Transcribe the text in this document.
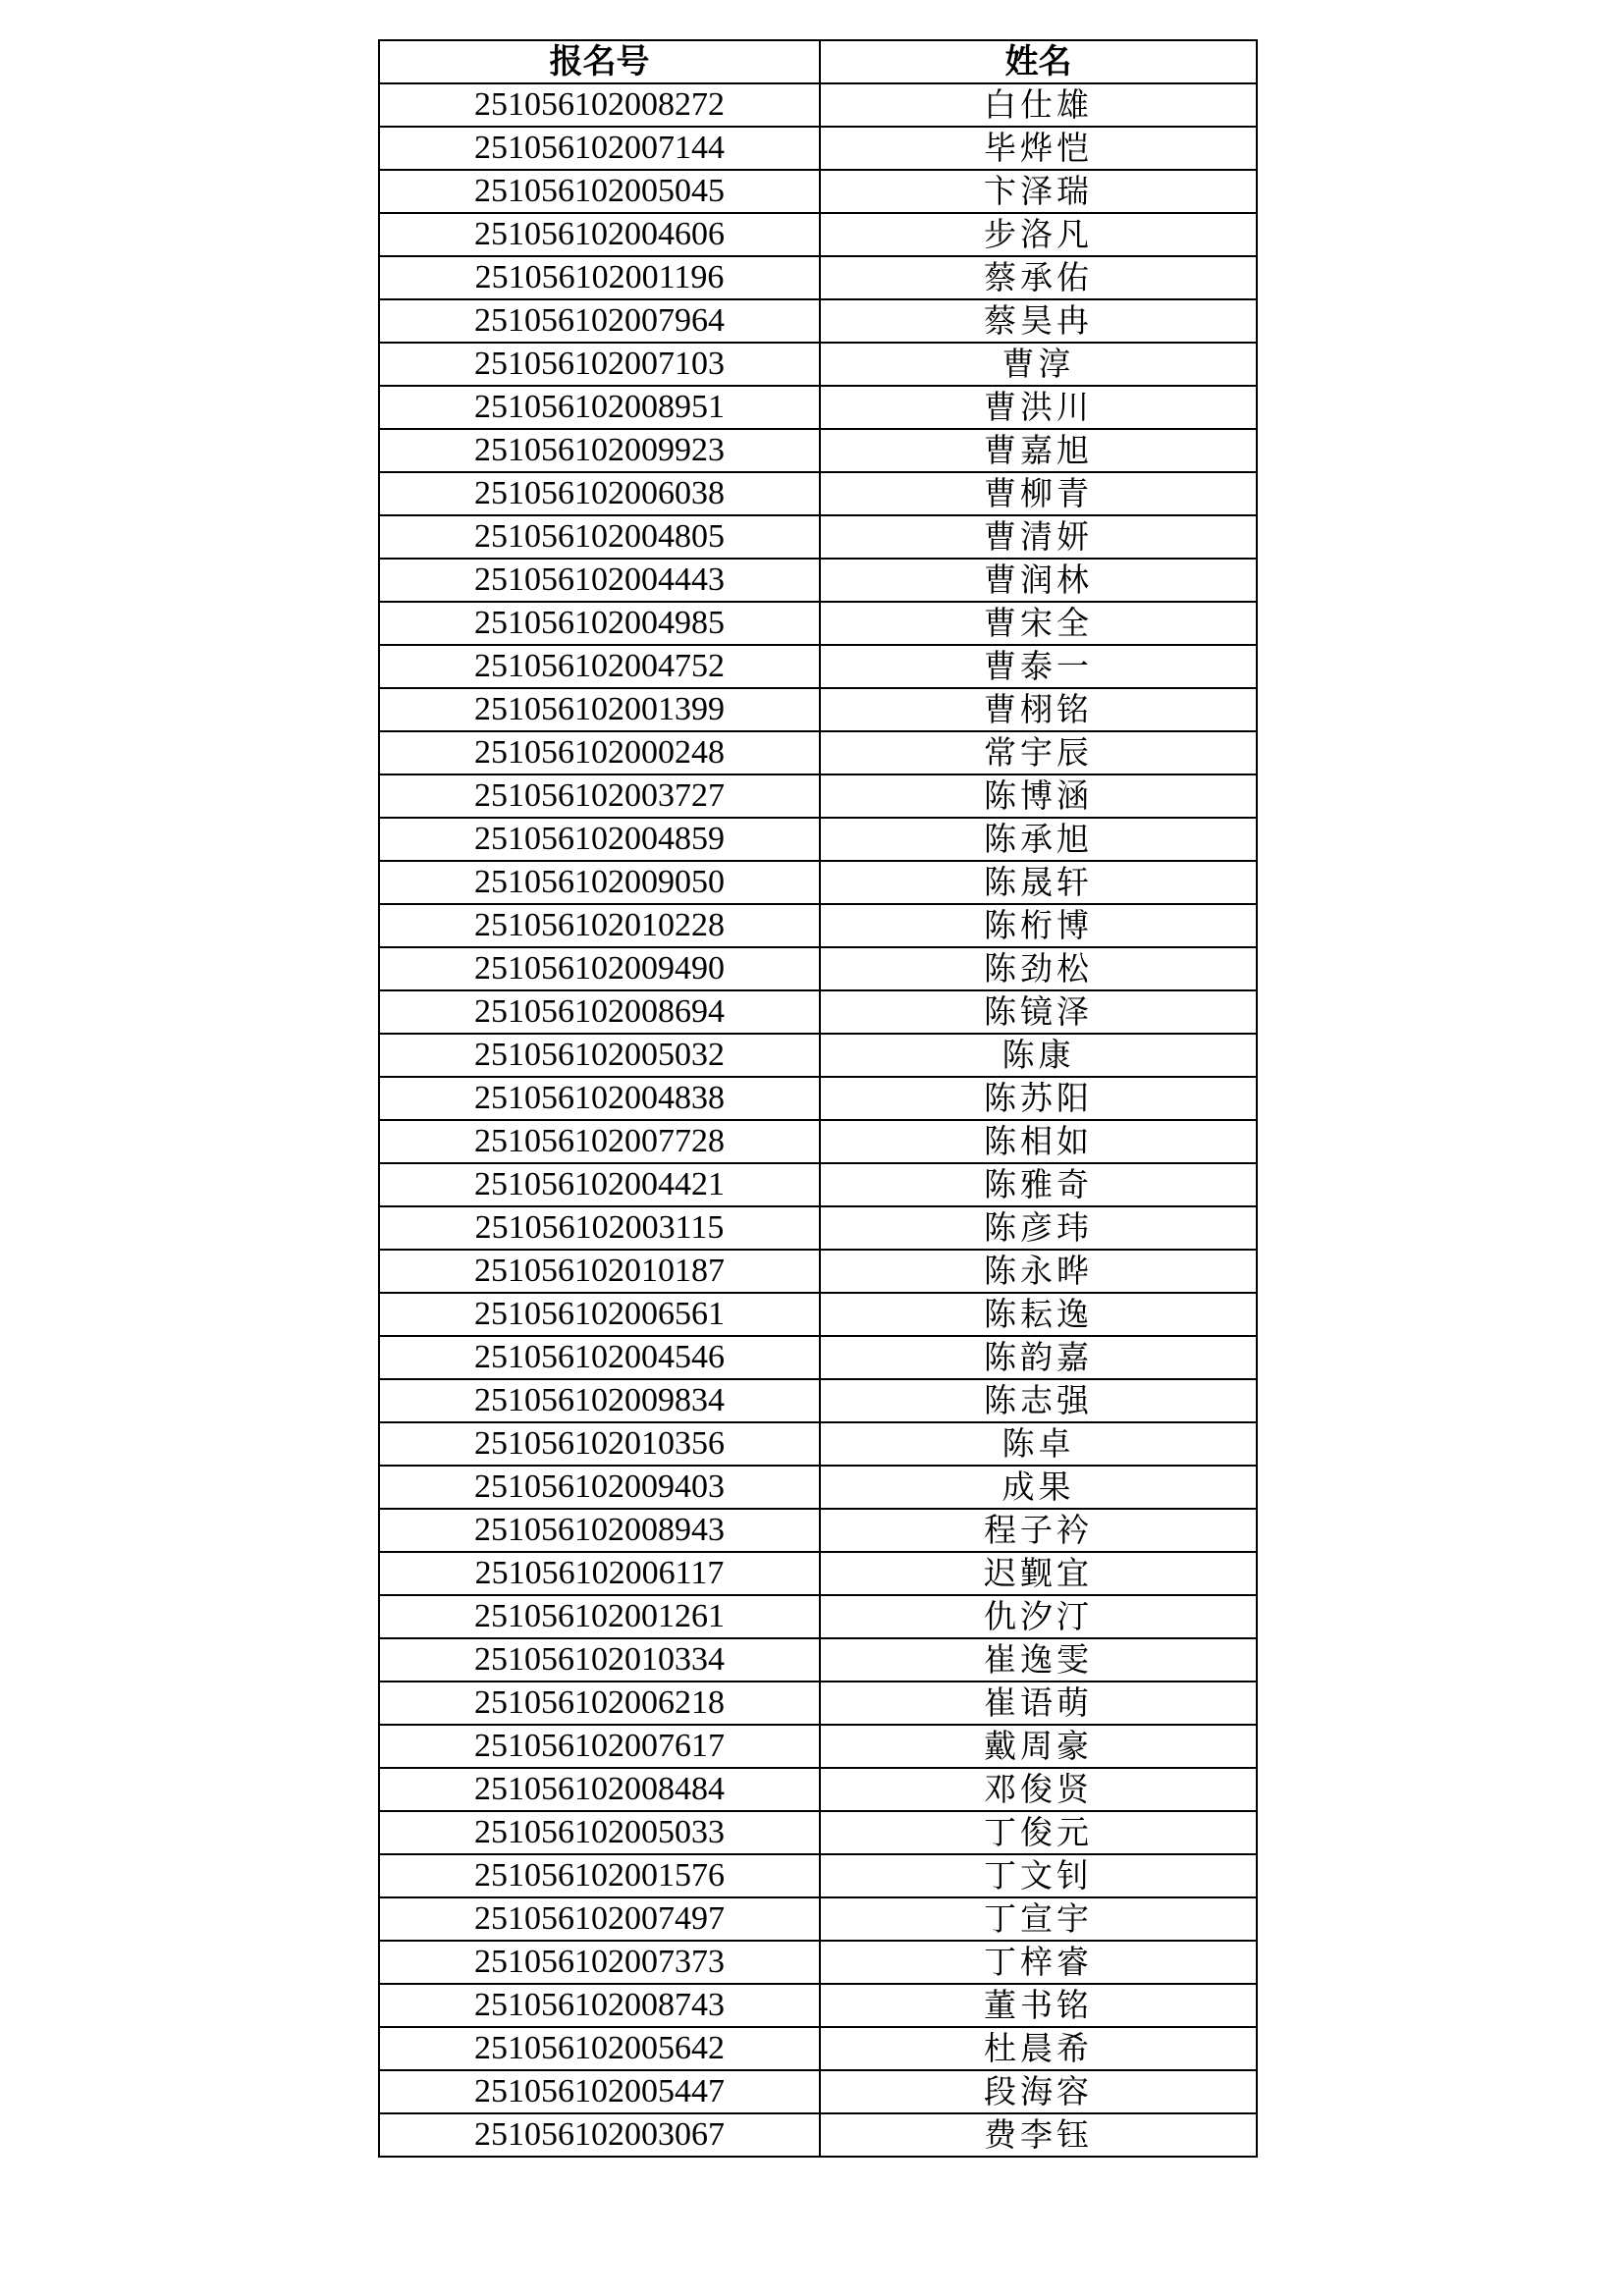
报名号	姓名
251056102008272	白仕雄
251056102007144	毕烨恺
251056102005045	卞泽瑞
251056102004606	步洛凡
251056102001196	蔡承佑
251056102007964	蔡昊冉
251056102007103	曹淳
251056102008951	曹洪川
251056102009923	曹嘉旭
251056102006038	曹柳青
251056102004805	曹清妍
251056102004443	曹润林
251056102004985	曹宋全
251056102004752	曹泰一
251056102001399	曹栩铭
251056102000248	常宇辰
251056102003727	陈博涵
251056102004859	陈承旭
251056102009050	陈晟轩
251056102010228	陈桁博
251056102009490	陈劲松
251056102008694	陈镜泽
251056102005032	陈康
251056102004838	陈苏阳
251056102007728	陈相如
251056102004421	陈雅奇
251056102003115	陈彦玮
251056102010187	陈永晔
251056102006561	陈耘逸
251056102004546	陈韵嘉
251056102009834	陈志强
251056102010356	陈卓
251056102009403	成果
251056102008943	程子衿
251056102006117	迟觐宜
251056102001261	仇汐汀
251056102010334	崔逸雯
251056102006218	崔语萌
251056102007617	戴周豪
251056102008484	邓俊贤
251056102005033	丁俊元
251056102001576	丁文钊
251056102007497	丁宣宇
251056102007373	丁梓睿
251056102008743	董书铭
251056102005642	杜晨希
251056102005447	段海容
251056102003067	费李钰
